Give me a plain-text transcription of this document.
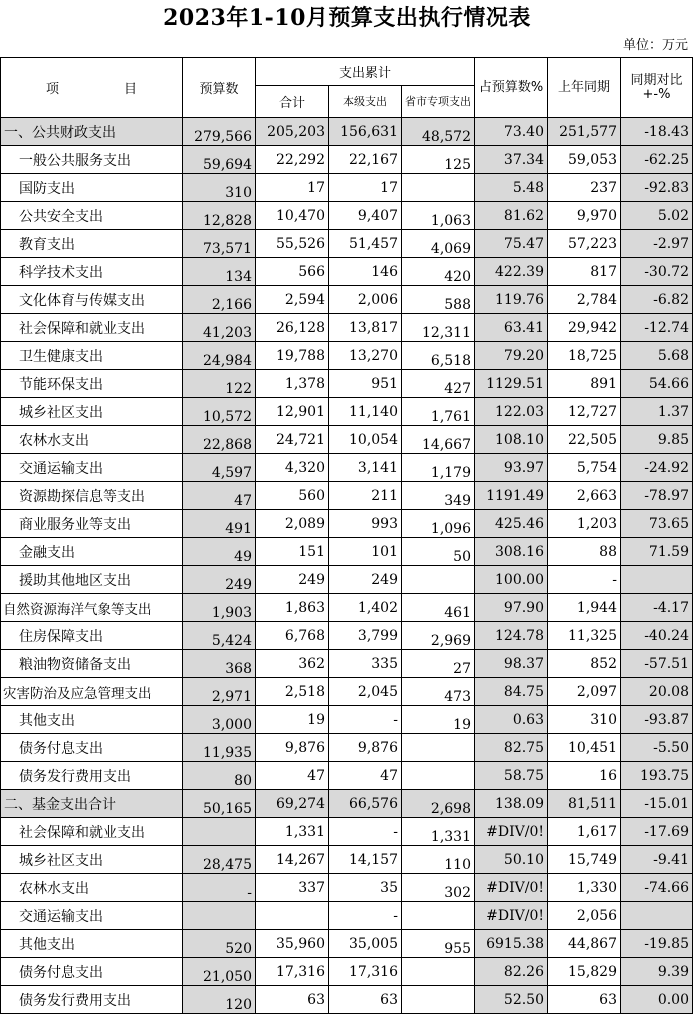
2023年1-10月预算支出执行情况表
单位：万元
项　　　　　目	预算数	支出累计			占预算数%	上年同期	同期对比+-%
		合计	本级支出	省市专项支出			
一、公共财政支出	279,566	205,203	156,631	48,572	73.40	251,577	-18.43
一般公共服务支出	59,694	22,292	22,167	125	37.34	59,053	-62.25
国防支出	310	17	17		5.48	237	-92.83
公共安全支出	12,828	10,470	9,407	1,063	81.62	9,970	5.02
教育支出	73,571	55,526	51,457	4,069	75.47	57,223	-2.97
科学技术支出	134	566	146	420	422.39	817	-30.72
文化体育与传媒支出	2,166	2,594	2,006	588	119.76	2,784	-6.82
社会保障和就业支出	41,203	26,128	13,817	12,311	63.41	29,942	-12.74
卫生健康支出	24,984	19,788	13,270	6,518	79.20	18,725	5.68
节能环保支出	122	1,378	951	427	1129.51	891	54.66
城乡社区支出	10,572	12,901	11,140	1,761	122.03	12,727	1.37
农林水支出	22,868	24,721	10,054	14,667	108.10	22,505	9.85
交通运输支出	4,597	4,320	3,141	1,179	93.97	5,754	-24.92
资源勘探信息等支出	47	560	211	349	1191.49	2,663	-78.97
商业服务业等支出	491	2,089	993	1,096	425.46	1,203	73.65
金融支出	49	151	101	50	308.16	88	71.59
援助其他地区支出	249	249	249		100.00	-	
自然资源海洋气象等支出	1,903	1,863	1,402	461	97.90	1,944	-4.17
住房保障支出	5,424	6,768	3,799	2,969	124.78	11,325	-40.24
粮油物资储备支出	368	362	335	27	98.37	852	-57.51
灾害防治及应急管理支出	2,971	2,518	2,045	473	84.75	2,097	20.08
其他支出	3,000	19	-	19	0.63	310	-93.87
债务付息支出	11,935	9,876	9,876		82.75	10,451	-5.50
债务发行费用支出	80	47	47		58.75	16	193.75
二、基金支出合计	50,165	69,274	66,576	2,698	138.09	81,511	-15.01
社会保障和就业支出		1,331	-	1,331	#DIV/0!	1,617	-17.69
城乡社区支出	28,475	14,267	14,157	110	50.10	15,749	-9.41
农林水支出	-	337	35	302	#DIV/0!	1,330	-74.66
交通运输支出			-		#DIV/0!	2,056	
其他支出	520	35,960	35,005	955	6915.38	44,867	-19.85
债务付息支出	21,050	17,316	17,316		82.26	15,829	9.39
债务发行费用支出	120	63	63		52.50	63	0.00
